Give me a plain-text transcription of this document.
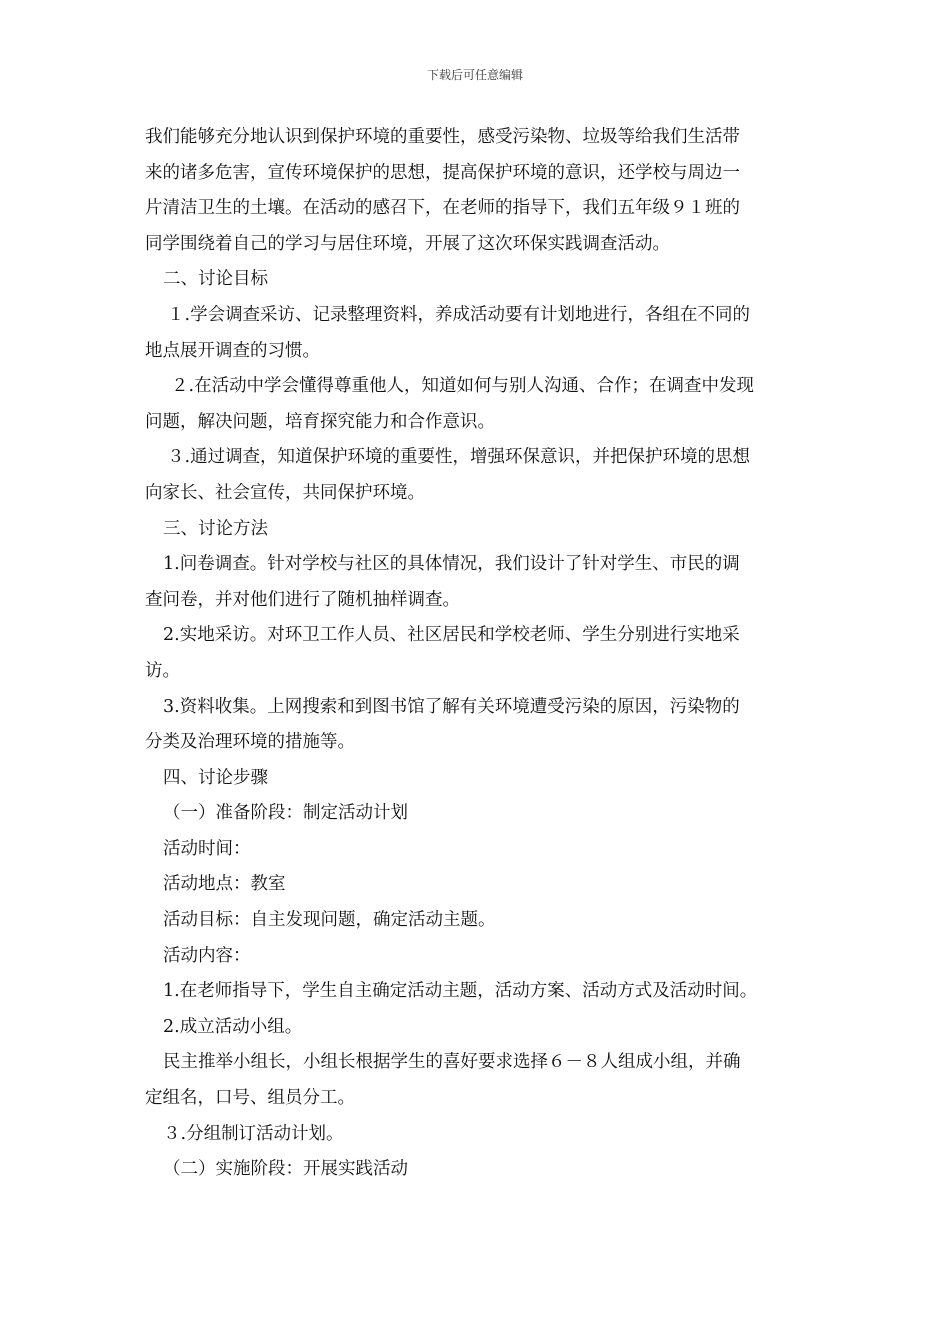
下载后可任意编辑
我们能够充分地认识到保护环境的重要性，感受污染物、垃圾等给我们生活带
来的诸多危害，宣传环境保护的思想，提高保护环境的意识，还学校与周边一
片清洁卫生的土壤。在活动的感召下，在老师的指导下，我们五年级９１班的
同学围绕着自己的学习与居住环境，开展了这次环保实践调查活动。
二、讨论目标
１.学会调查采访、记录整理资料，养成活动要有计划地进行，各组在不同的
地点展开调查的习惯。
２.在活动中学会懂得尊重他人，知道如何与别人沟通、合作；在调查中发现
问题，解决问题，培育探究能力和合作意识。
３.通过调查，知道保护环境的重要性，增强环保意识，并把保护环境的思想
向家长、社会宣传，共同保护环境。
三、讨论方法
1.问卷调查。针对学校与社区的具体情况，我们设计了针对学生、市民的调
查问卷，并对他们进行了随机抽样调查。
2.实地采访。对环卫工作人员、社区居民和学校老师、学生分别进行实地采
访。
3.资料收集。上网搜索和到图书馆了解有关环境遭受污染的原因，污染物的
分类及治理环境的措施等。
四、讨论步骤
（一）准备阶段：制定活动计划
活动时间：
活动地点：教室
活动目标：自主发现问题，确定活动主题。
活动内容：
1.在老师指导下，学生自主确定活动主题，活动方案、活动方式及活动时间。
2.成立活动小组。
民主推举小组长，小组长根据学生的喜好要求选择６－８人组成小组，并确
定组名，口号、组员分工。
３.分组制订活动计划。
（二）实施阶段：开展实践活动
